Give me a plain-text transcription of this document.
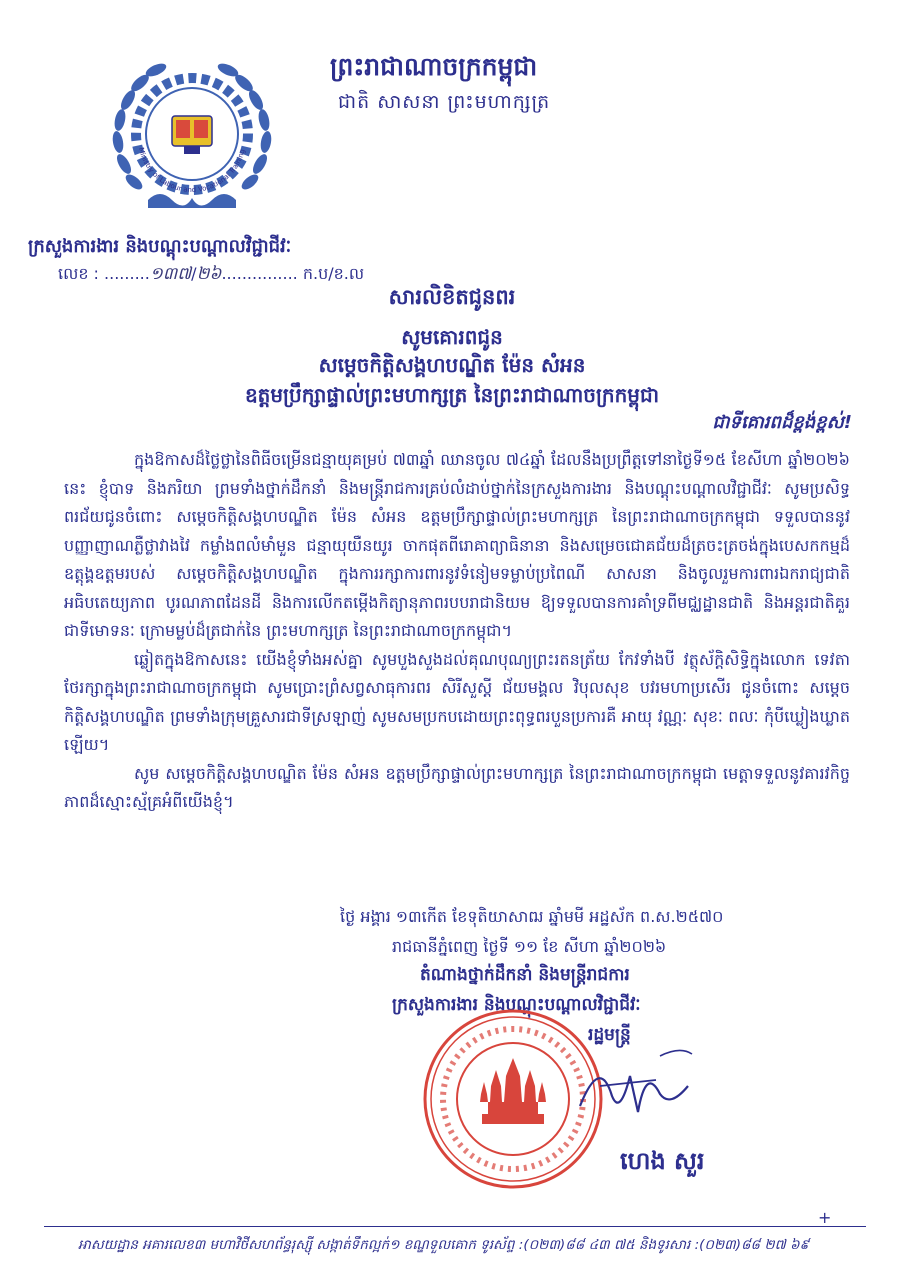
ព្រះរាជាណាចក្រកម្ពុជា
ជាតិ សាសនា ព្រះមហាក្សត្រ
Ministry of Labour and Vocational Training
ក្រសួងការងារ និងបណ្តុះបណ្តាលវិជ្ជាជីវៈ
លេខ : .........១៣៧/២៦............... ក.ប/ខ.ល
សារលិខិតជូនពរ
សូមគោរពជូន
សម្តេចកិត្តិសង្គហបណ្ឌិត ម៉ែន សំអន
ឧត្តមប្រឹក្សាផ្ទាល់ព្រះមហាក្សត្រ នៃព្រះរាជាណាចក្រកម្ពុជា
ជាទីគោរពដ៏ខ្ពង់ខ្ពស់!

ក្នុងឱកាសដ៏ថ្លៃថ្លានៃពិធីចម្រើនជន្មាយុគម្រប់ ៧៣ឆ្នាំ ឈានចូល ៧៤ឆ្នាំ ដែលនឹងប្រព្រឹត្តទៅនាថ្ងៃទី១៥ ខែសីហា ឆ្នាំ២០២៦ នេះ ខ្ញុំបាទ និងភរិយា ព្រមទាំងថ្នាក់ដឹកនាំ និងមន្ត្រីរាជការគ្រប់លំដាប់ថ្នាក់នៃក្រសួងការងារ និងបណ្តុះបណ្តាលវិជ្ជាជីវៈ សូមប្រសិទ្ធពរជ័យជូនចំពោះ សម្តេចកិត្តិសង្គហបណ្ឌិត ម៉ែន សំអន ឧត្តមប្រឹក្សាផ្ទាល់ព្រះមហាក្សត្រ នៃព្រះរាជាណាចក្រកម្ពុជា ទទួលបាននូវបញ្ញាញាណភ្លឺថ្លាវាងវៃ កម្លាំងពលំមាំមួន ជន្មាយុយឺនយូរ ចាកផុតពីរោគាព្យាធិនានា និងសម្រេចជោគជ័យដ៏ត្រចះត្រចង់ក្នុងបេសកកម្មដ៏ឧត្តុង្គឧត្តមរបស់ សម្តេចកិត្តិសង្គហបណ្ឌិត ក្នុងការរក្សាការពារនូវទំនៀមទម្លាប់ប្រពៃណី សាសនា និងចូលរួមការពារឯករាជ្យជាតិ អធិបតេយ្យភាព បូរណភាពដែនដី និងការលើកតម្កើងកិត្យានុភាពរបបរាជានិយម ឱ្យទទួលបានការគាំទ្រពីមជ្ឈដ្ឋានជាតិ និងអន្តរជាតិគួរជាទីមោទនៈ ក្រោមម្លប់ដ៏ត្រជាក់នៃ ព្រះមហាក្សត្រ នៃព្រះរាជាណាចក្រកម្ពុជា។

ឆ្លៀតក្នុងឱកាសនេះ យើងខ្ញុំទាំងអស់គ្នា សូមបួងសួងដល់គុណបុណ្យព្រះរតនត្រ័យ កែវទាំងបី វត្ថុស័ក្តិសិទ្ធិក្នុងលោក ទេវតាថែរក្សាក្នុងព្រះរាជាណាចក្រកម្ពុជា សូមប្រោះព្រំសព្វសាធុការពរ សិរីសួស្តី ជ័យមង្គល វិបុលសុខ បវរមហាប្រសើរ ជូនចំពោះ សម្តេចកិត្តិសង្គហបណ្ឌិត ព្រមទាំងក្រុមគ្រួសារជាទីស្រឡាញ់ សូមសមប្រកបដោយព្រះពុទ្ធពរបួនប្រការគឺ អាយុ វណ្ណៈ សុខៈ ពលៈ កុំបីឃ្លៀងឃ្លាតឡើយ។

សូម សម្តេចកិត្តិសង្គហបណ្ឌិត ម៉ែន សំអន ឧត្តមប្រឹក្សាផ្ទាល់ព្រះមហាក្សត្រ នៃព្រះរាជាណាចក្រកម្ពុជា មេត្តាទទួលនូវគារវកិច្ចភាពដ៏ស្មោះស្ម័គ្រអំពីយើងខ្ញុំ។

ថ្ងៃ អង្គារ ១៣កើត ខែទុតិយាសាឍ ឆ្នាំមមី អដ្ឋស័ក ព.ស.២៥៧០
រាជធានីភ្នំពេញ ថ្ងៃទី ១១ ខែ សីហា ឆ្នាំ២០២៦
តំណាងថ្នាក់ដឹកនាំ និងមន្ត្រីរាជការ
ក្រសួងការងារ និងបណ្តុះបណ្តាលវិជ្ជាជីវៈ
រដ្ឋមន្ត្រី
ហេង សួរ
+
អាសយដ្ឋាន អគារលេខ៣ មហាវិថីសហព័ន្ធរុស្ស៊ី សង្កាត់ទឹកល្អក់១ ខណ្ឌទួលគោក ទូរស័ព្ទ :(០២៣)៨៨ ៤៣ ៧៥ និងទូរសារ :(០២៣)៨៨ ២៧ ៦៩
